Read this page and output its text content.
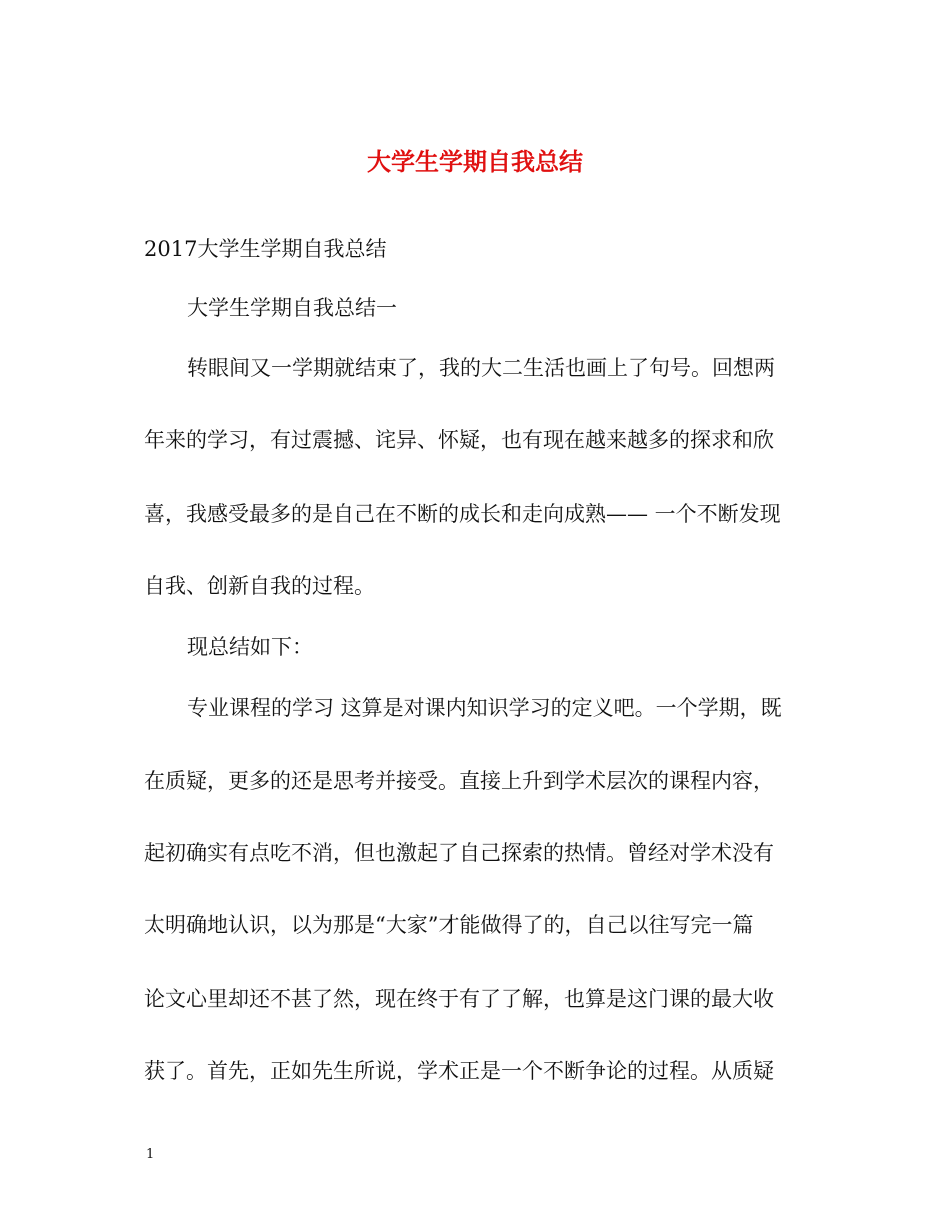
大学生学期自我总结

2017大学生学期自我总结

大学生学期自我总结一

转眼间又一学期就结束了，我的大二生活也画上了句号。回想两

年来的学习，有过震撼、诧异、怀疑，也有现在越来越多的探求和欣

喜，我感受最多的是自己在不断的成长和走向成熟—— 一个不断发现

自我、创新自我的过程。

现总结如下：

专业课程的学习 这算是对课内知识学习的定义吧。一个学期，既

在质疑，更多的还是思考并接受。直接上升到学术层次的课程内容，

起初确实有点吃不消，但也激起了自己探索的热情。曾经对学术没有

太明确地认识，以为那是“大家”才能做得了的，自己以往写完一篇

论文心里却还不甚了然，现在终于有了了解，也算是这门课的最大收

获了。首先，正如先生所说，学术正是一个不断争论的过程。从质疑

1
